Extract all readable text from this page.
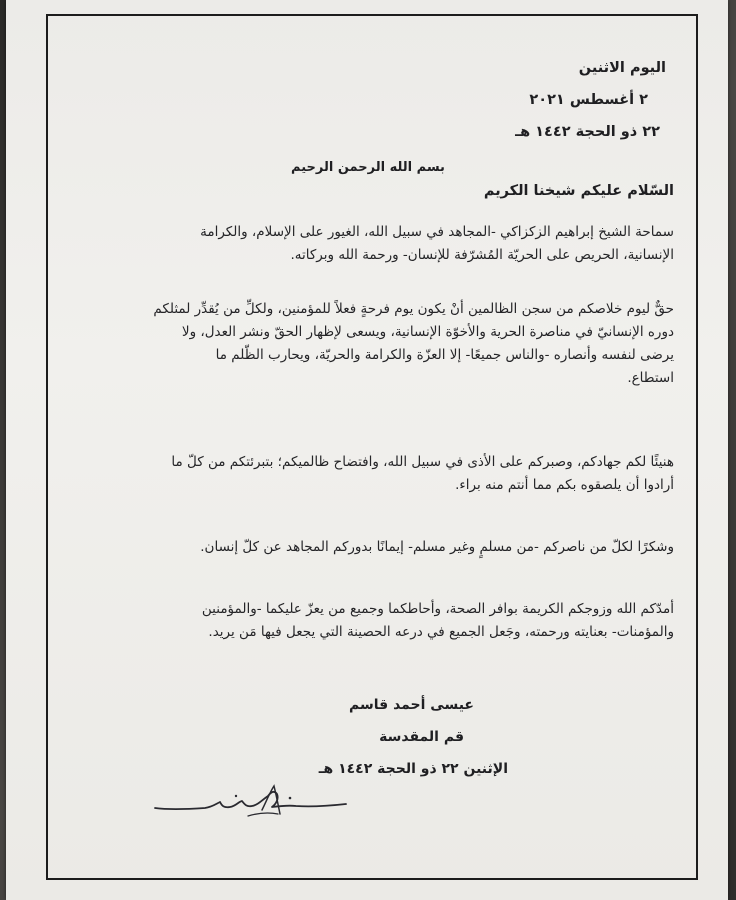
اليوم الاثنين
٢ أغسطس ٢٠٢١
٢٢ ذو الحجة ١٤٤٢ هـ
بسم الله الرحمن الرحيم
السّلام عليكم شيخنا الكريم
سماحة الشيخ إبراهيم الزكزاكي -المجاهد في سبيل الله، الغيور على الإسلام، والكرامة
الإنسانية، الحريص على الحريّة المُشرّفة للإنسان- ورحمة الله وبركاته.
حقٌّ ليوم خلاصكم من سجن الظالمين أنْ يكون يوم فرحةٍ فعلاً للمؤمنين، ولكلِّ من يُقدِّر لمثلكم
دوره الإنسانيّ في مناصرة الحرية والأخوّة الإنسانية، ويسعى لإظهار الحقّ ونشر العدل، ولا
يرضى لنفسه وأنصاره -والناس جميعًا- إلا العزّة والكرامة والحريّة، ويحارب الظّلم ما
استطاع.
هنيئًا لكم جهادكم، وصبركم على الأذى في سبيل الله، وافتضاح ظالميكم؛ بتبرئتكم من كلّ ما
أرادوا أن يلصقوه بكم مما أنتم منه براء.
وشكرًا لكلّ من ناصركم -من مسلمٍ وغير مسلم- إيمانًا بدوركم المجاهد عن كلّ إنسان.
أمدّكم الله وزوجكم الكريمة بوافر الصحة، وأحاطكما وجميع من يعزّ عليكما -والمؤمنين
والمؤمنات- بعنايته ورحمته، وجَعل الجميع في درعه الحصينة التي يجعل فيها مَن يريد.
عيسى أحمد قاسم
قم المقدسة
الإثنين ٢٢ ذو الحجة ١٤٤٢ هـ
